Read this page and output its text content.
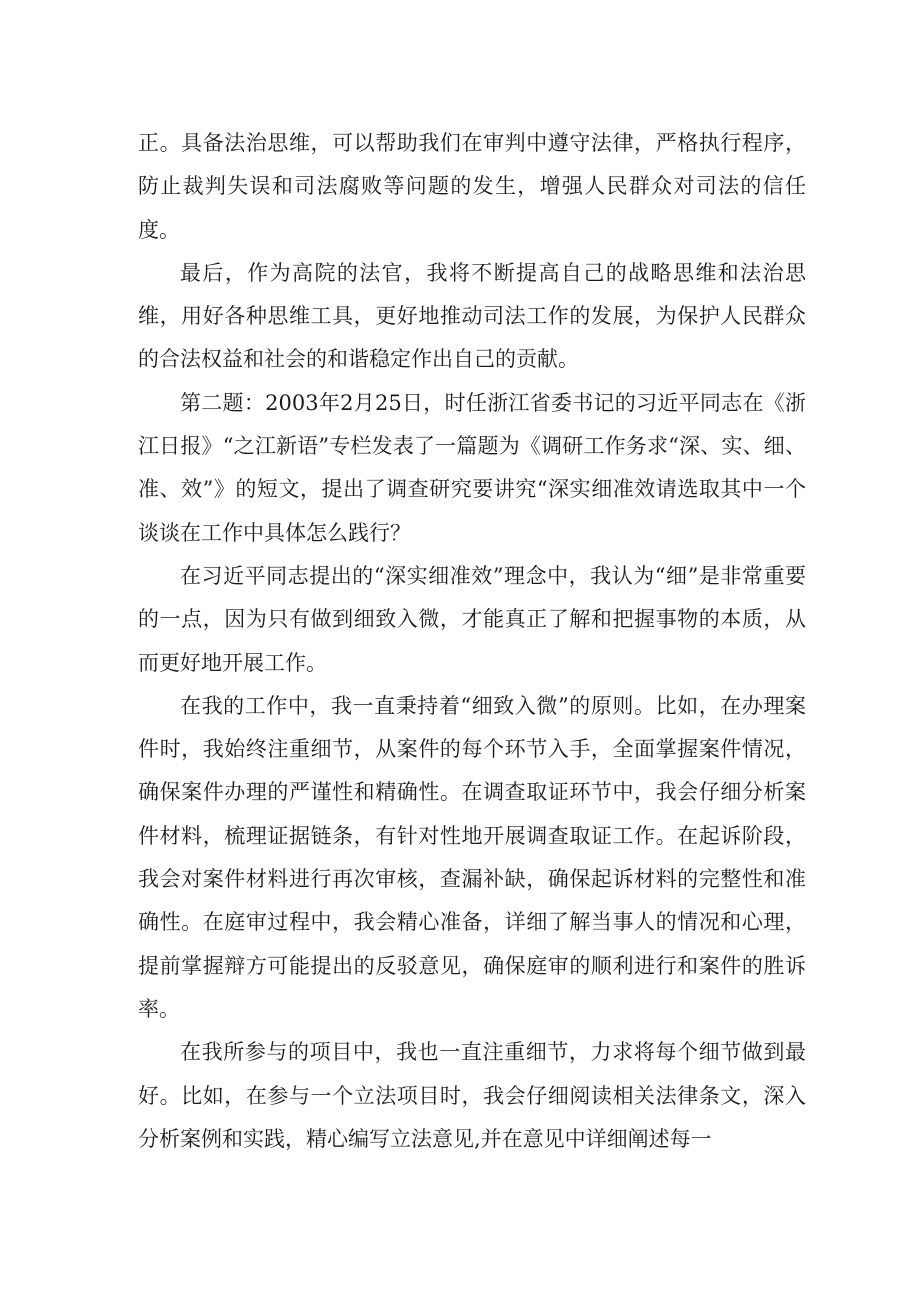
正。具备法治思维，可以帮助我们在审判中遵守法律，严格执行程序，防止裁判失误和司法腐败等问题的发生，增强人民群众对司法的信任度。

最后，作为高院的法官，我将不断提高自己的战略思维和法治思维，用好各种思维工具，更好地推动司法工作的发展，为保护人民群众的合法权益和社会的和谐稳定作出自己的贡献。

第二题：2003年2月25日，时任浙江省委书记的习近平同志在《浙江日报》“之江新语”专栏发表了一篇题为《调研工作务求“深、实、细、准、效”》的短文，提出了调查研究要讲究“深实细准效请选取其中一个谈谈在工作中具体怎么践行？

在习近平同志提出的“深实细准效”理念中，我认为“细”是非常重要的一点，因为只有做到细致入微，才能真正了解和把握事物的本质，从而更好地开展工作。

在我的工作中，我一直秉持着“细致入微”的原则。比如，在办理案件时，我始终注重细节，从案件的每个环节入手，全面掌握案件情况，确保案件办理的严谨性和精确性。在调查取证环节中，我会仔细分析案件材料，梳理证据链条，有针对性地开展调查取证工作。在起诉阶段，我会对案件材料进行再次审核，查漏补缺，确保起诉材料的完整性和准确性。在庭审过程中，我会精心准备，详细了解当事人的情况和心理，提前掌握辩方可能提出的反驳意见，确保庭审的顺利进行和案件的胜诉率。

在我所参与的项目中，我也一直注重细节，力求将每个细节做到最好。比如，在参与一个立法项目时，我会仔细阅读相关法律条文，深入分析案例和实践，精心编写立法意见,并在意见中详细阐述每一
